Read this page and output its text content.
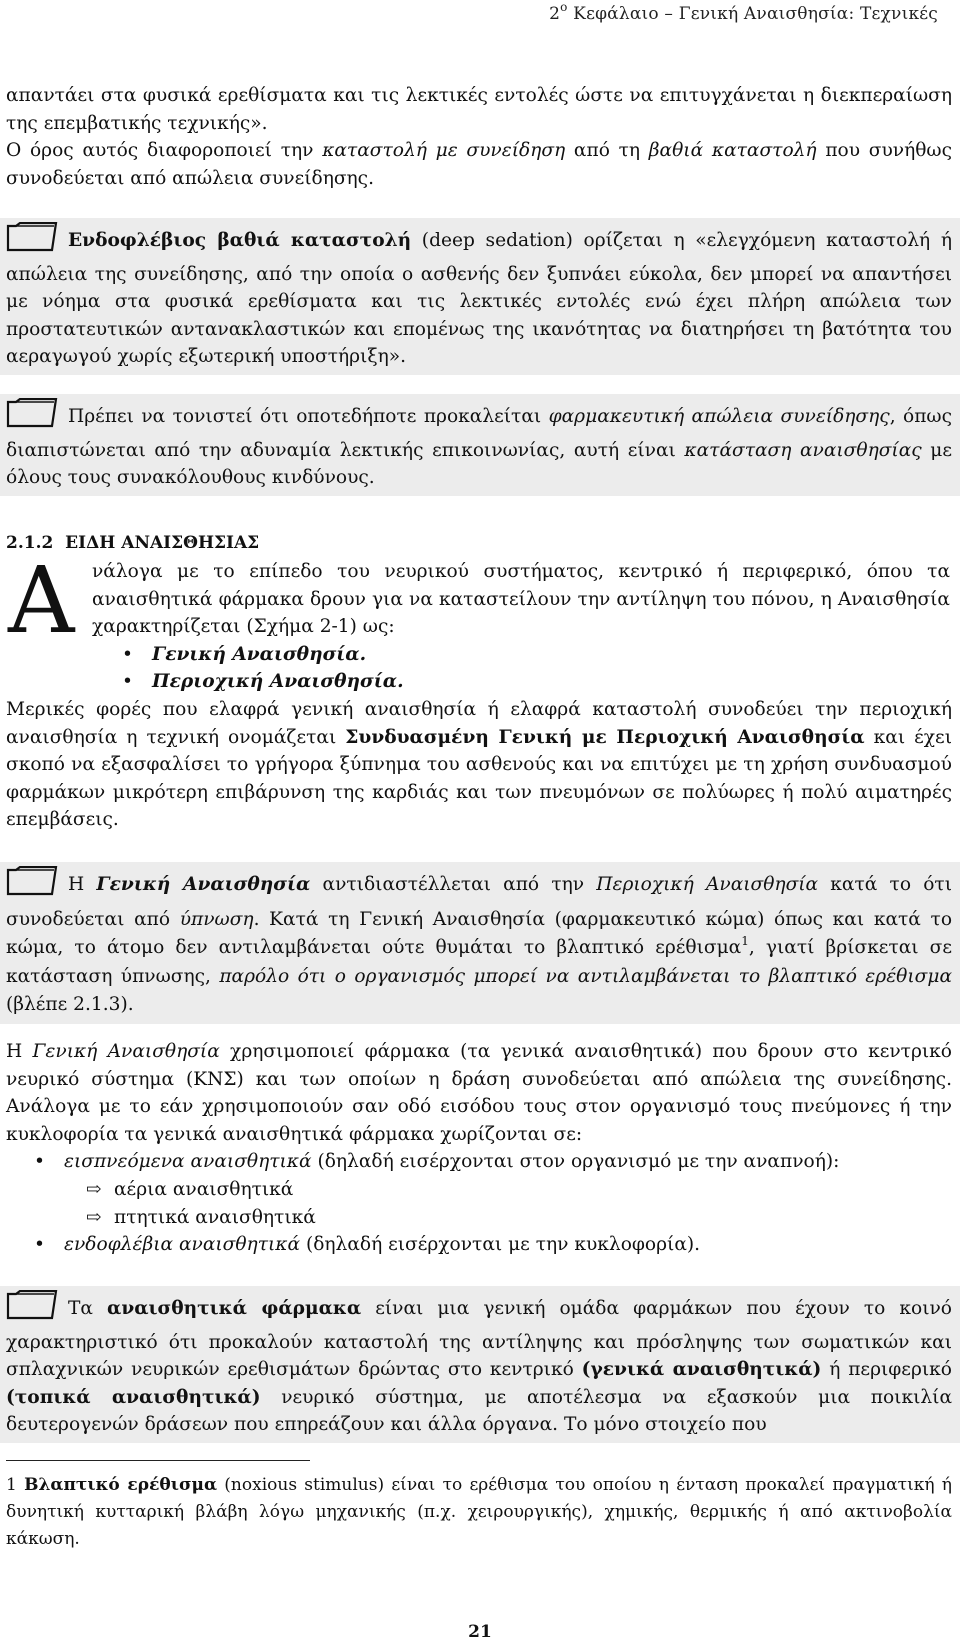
$2^o$ Κεφάλαιο – Γενική Αναισθησία: Τεχνικές
απαντάει στα φυσικά ερεθίσματα και τις λεκτικές εντολές ώστε να επιτυγχάνεται η διεκπεραίωση της επεμβατικής τεχνικής».
Ο όρος αυτός διαφοροποιεί την καταστολή με συνείδηση από τη βαθιά καταστολή που συνήθως συνοδεύεται από απώλεια συνείδησης.
Ενδοφλέβιος βαθιά καταστολή (deep sedation) ορίζεται η «ελεγχόμενη καταστολή ή απώλεια της συνείδησης, από την οποία ο ασθενής δεν ξυπνάει εύκολα, δεν μπορεί να απαντήσει με νόημα στα φυσικά ερεθίσματα και τις λεκτικές εντολές ενώ έχει πλήρη απώλεια των προστατευτικών αντανακλαστικών και επομένως της ικανότητας να διατηρήσει τη βατότητα του αεραγωγού χωρίς εξωτερική υποστήριξη».
Πρέπει να τονιστεί ότι οποτεδήποτε προκαλείται φαρμακευτική απώλεια συνείδησης, όπως διαπιστώνεται από την αδυναμία λεκτικής επικοινωνίας, αυτή είναι κατάσταση αναισθησίας με όλους τους συνακόλουθους κινδύνους.
2.1.2 ΕΙΔΗ ΑΝΑΙΣΘΗΣΙΑΣ
Α νάλογα με το επίπεδο του νευρικού συστήματος, κεντρικό ή περιφερικό, όπου τα αναισθητικά φάρμακα δρουν για να καταστείλουν την αντίληψη του πόνου, η Αναισθησία χαρακτηρίζεται (Σχήμα 2-1) ως:
• Γενική Αναισθησία.
• Περιοχική Αναισθησία.
Μερικές φορές που ελαφρά γενική αναισθησία ή ελαφρά καταστολή συνοδεύει την περιοχική αναισθησία η τεχνική ονομάζεται Συνδυασμένη Γενική με Περιοχική Αναισθησία και έχει σκοπό να εξασφαλίσει το γρήγορα ξύπνημα του ασθενούς και να επιτύχει με τη χρήση συνδυασμού φαρμάκων μικρότερη επιβάρυνση της καρδιάς και των πνευμόνων σε πολύωρες ή πολύ αιματηρές επεμβάσεις.
Η Γενική Αναισθησία αντιδιαστέλλεται από την Περιοχική Αναισθησία κατά το ότι συνοδεύεται από ύπνωση. Κατά τη Γενική Αναισθησία (φαρμακευτικό κώμα) όπως και κατά το κώμα, το άτομο δεν αντιλαμβάνεται ούτε θυμάται το βλαπτικό ερέθισμα$^1$, γιατί βρίσκεται σε κατάσταση ύπνωσης, παρόλο ότι ο οργανισμός μπορεί να αντιλαμβάνεται το βλαπτικό ερέθισμα (βλέπε 2.1.3).
Η Γενική Αναισθησία χρησιμοποιεί φάρμακα (τα γενικά αναισθητικά) που δρουν στο κεντρικό νευρικό σύστημα (ΚΝΣ) και των οποίων η δράση συνοδεύεται από απώλεια της συνείδησης. Ανάλογα με το εάν χρησιμοποιούν σαν οδό εισόδου τους στον οργανισμό τους πνεύμονες ή την κυκλοφορία τα γενικά αναισθητικά φάρμακα χωρίζονται σε:
• εισπνεόμενα αναισθητικά (δηλαδή εισέρχονται στον οργανισμό με την αναπνοή):
⇨ αέρια αναισθητικά
⇨ πτητικά αναισθητικά
• ενδοφλέβια αναισθητικά (δηλαδή εισέρχονται με την κυκλοφορία).
Τα αναισθητικά φάρμακα είναι μια γενική ομάδα φαρμάκων που έχουν το κοινό χαρακτηριστικό ότι προκαλούν καταστολή της αντίληψης και πρόσληψης των σωματικών και σπλαχνικών νευρικών ερεθισμάτων δρώντας στο κεντρικό (γενικά αναισθητικά) ή περιφερικό (τοπικά αναισθητικά) νευρικό σύστημα, με αποτέλεσμα να εξασκούν μια ποικιλία δευτερογενών δράσεων που επηρεάζουν και άλλα όργανα. Το μόνο στοιχείο που
1 Βλαπτικό ερέθισμα (noxious stimulus) είναι το ερέθισμα του οποίου η ένταση προκαλεί πραγματική ή δυνητική κυτταρική βλάβη λόγω μηχανικής (π.χ. χειρουργικής), χημικής, θερμικής ή από ακτινοβολία κάκωση.
21
